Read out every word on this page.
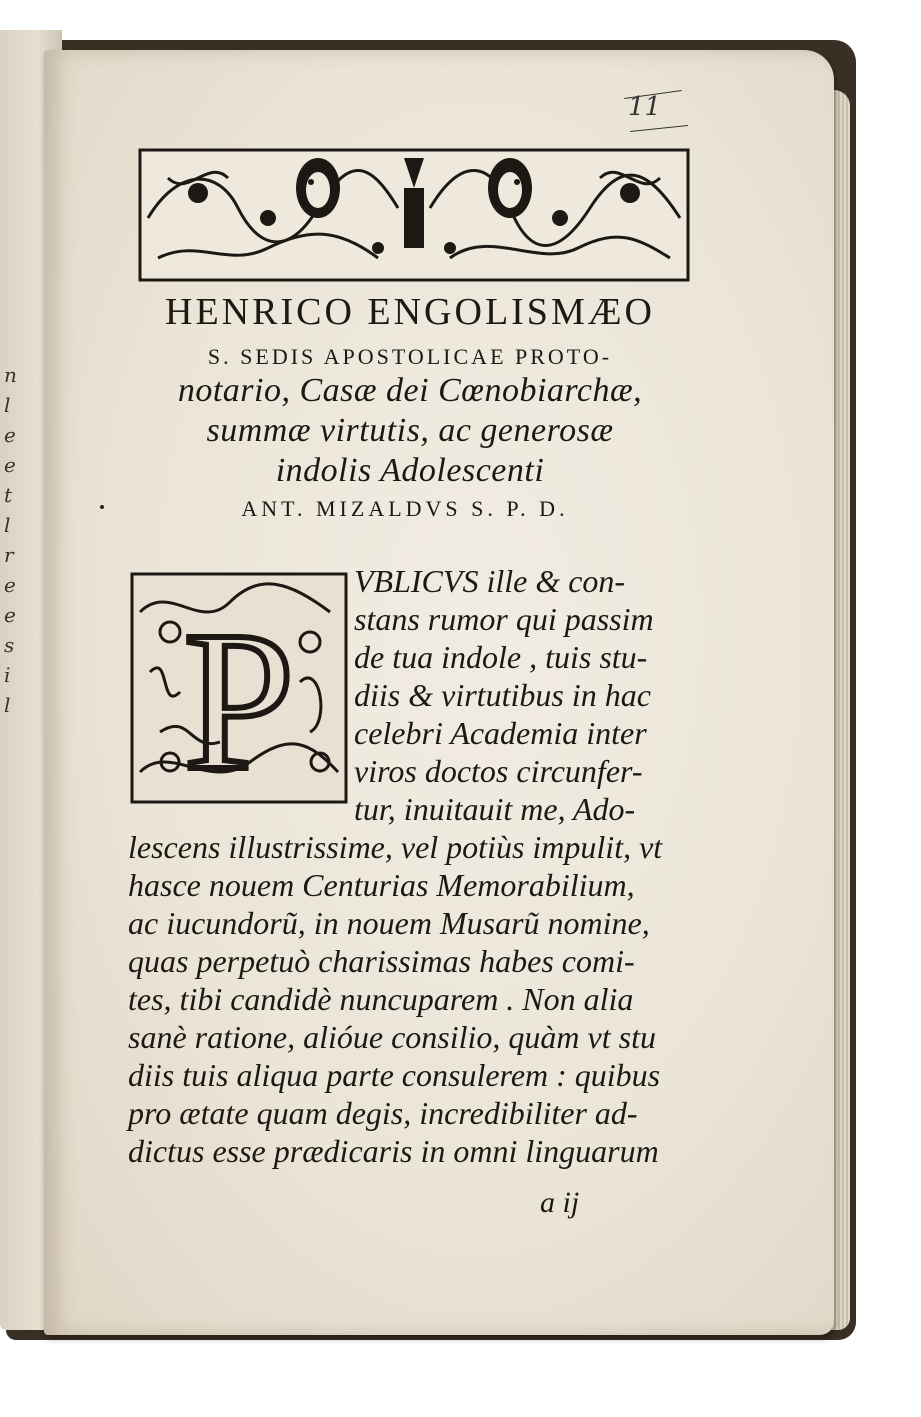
n
l
e
e
t
l
r
e
e
s
i
l
11
HENRICO ENGOLISMÆO
S. SEDIS APOSTOLICAE PROTO-
notario, Casæ dei Cœnobiarchæ,
summæ virtutis, ac generosæ
indolis Adolescenti
ANT. MIZALDVS S. P. D.
P
VBLICVS ille & con-
stans rumor qui passim
de tua indole , tuis stu-
diis & virtutibus in hac
celebri Academia inter
viros doctos circunfer-
tur, inuitauit me, Ado-
lescens illustrissime, vel potiùs impulit, vt
hasce nouem Centurias Memorabilium,
ac iucundorũ, in nouem Musarũ nomine,
quas perpetuò charissimas habes comi-
tes, tibi candidè nuncuparem . Non alia
sanè ratione, alióue consilio, quàm vt stu
diis tuis aliqua parte consulerem : quibus
pro ætate quam degis, incredibiliter ad-
dictus esse prædicaris in omni linguarum
a ij
